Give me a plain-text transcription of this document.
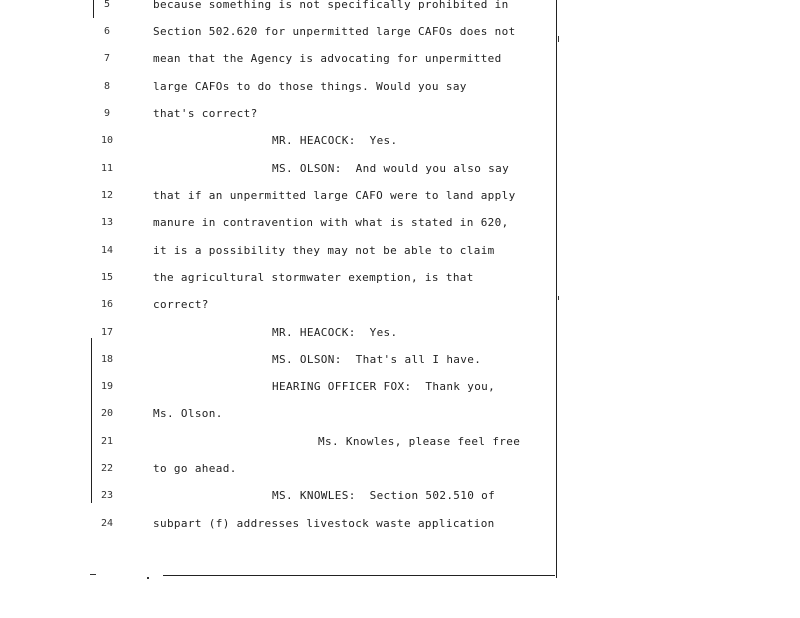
5	because something is not specifically prohibited in
6	Section 502.620 for unpermitted large CAFOs does not
7	mean that the Agency is advocating for unpermitted
8	large CAFOs to do those things. Would you say
9	that's correct?
10	MR. HEACOCK:  Yes.
11	MS. OLSON:  And would you also say
12	that if an unpermitted large CAFO were to land apply
13	manure in contravention with what is stated in 620,
14	it is a possibility they may not be able to claim
15	the agricultural stormwater exemption, is that
16	correct?
17	MR. HEACOCK:  Yes.
18	MS. OLSON:  That's all I have.
19	HEARING OFFICER FOX:  Thank you,
20	Ms. Olson.
21	Ms. Knowles, please feel free
22	to go ahead.
23	MS. KNOWLES:  Section 502.510 of
24	subpart (f) addresses livestock waste application
